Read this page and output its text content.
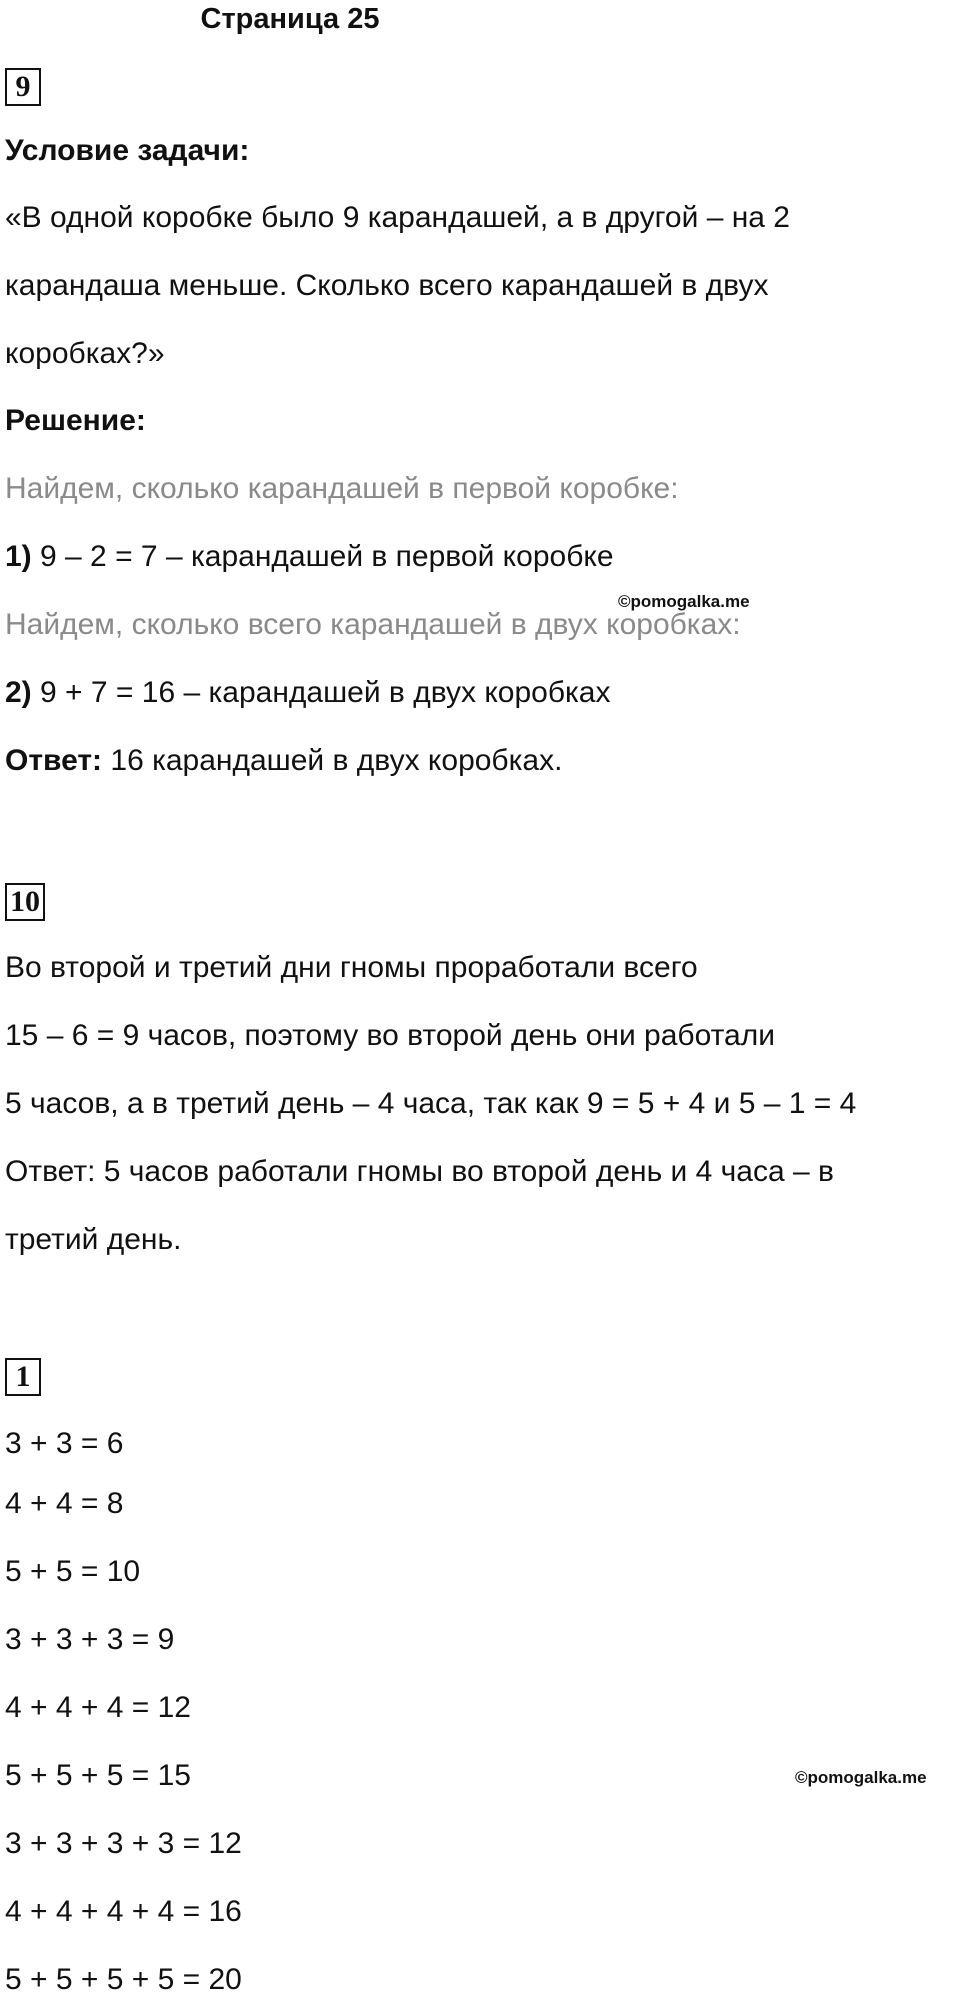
Страница 25
9
Условие задачи:
«В одной коробке было 9 карандашей, а в другой – на 2
карандаша меньше. Сколько всего карандашей в двух
коробках?»
Решение:
Найдем, сколько карандашей в первой коробке:
1) 9 – 2 = 7 – карандашей в первой коробке
©pomogalka.me
Найдем, сколько всего карандашей в двух коробках:
2) 9 + 7 = 16 – карандашей в двух коробках
Ответ: 16 карандашей в двух коробках.
10
Во второй и третий дни гномы проработали всего
15 – 6 = 9 часов, поэтому во второй день они работали
5 часов, а в третий день – 4 часа, так как 9 = 5 + 4 и 5 – 1 = 4
Ответ: 5 часов работали гномы во второй день и 4 часа – в
третий день.
1
3 + 3 = 6
4 + 4 = 8
5 + 5 = 10
3 + 3 + 3 = 9
4 + 4 + 4 = 12
5 + 5 + 5 = 15	©pomogalka.me
3 + 3 + 3 + 3 = 12
4 + 4 + 4 + 4 = 16
5 + 5 + 5 + 5 = 20
